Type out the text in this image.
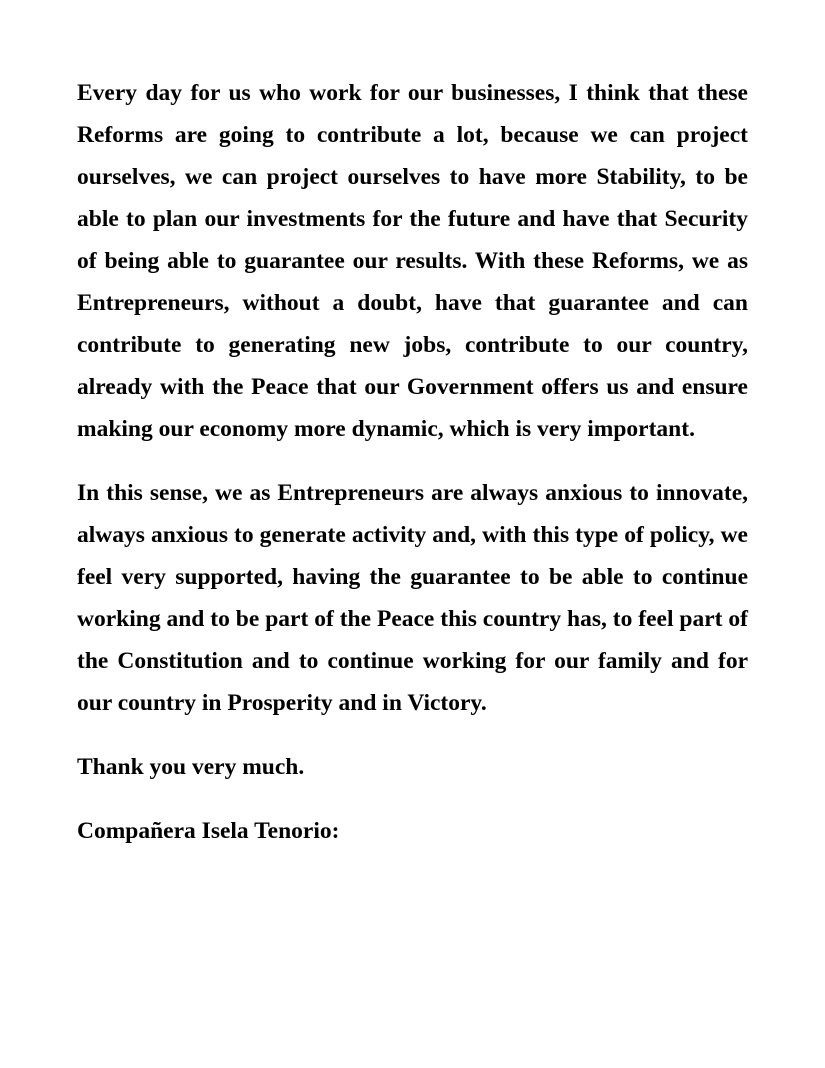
Every day for us who work for our businesses, I think that these Reforms are going to contribute a lot, because we can project ourselves, we can project ourselves to have more Stability, to be able to plan our investments for the future and have that Security of being able to guarantee our results. With these Reforms, we as Entrepreneurs, without a doubt, have that guarantee and can contribute to generating new jobs, contribute to our country, already with the Peace that our Government offers us and ensure making our economy more dynamic, which is very important.

In this sense, we as Entrepreneurs are always anxious to innovate, always anxious to generate activity and, with this type of policy, we feel very supported, having the guarantee to be able to continue working and to be part of the Peace this country has, to feel part of the Constitution and to continue working for our family and for our country in Prosperity and in Victory.

Thank you very much.

Compañera Isela Tenorio:
